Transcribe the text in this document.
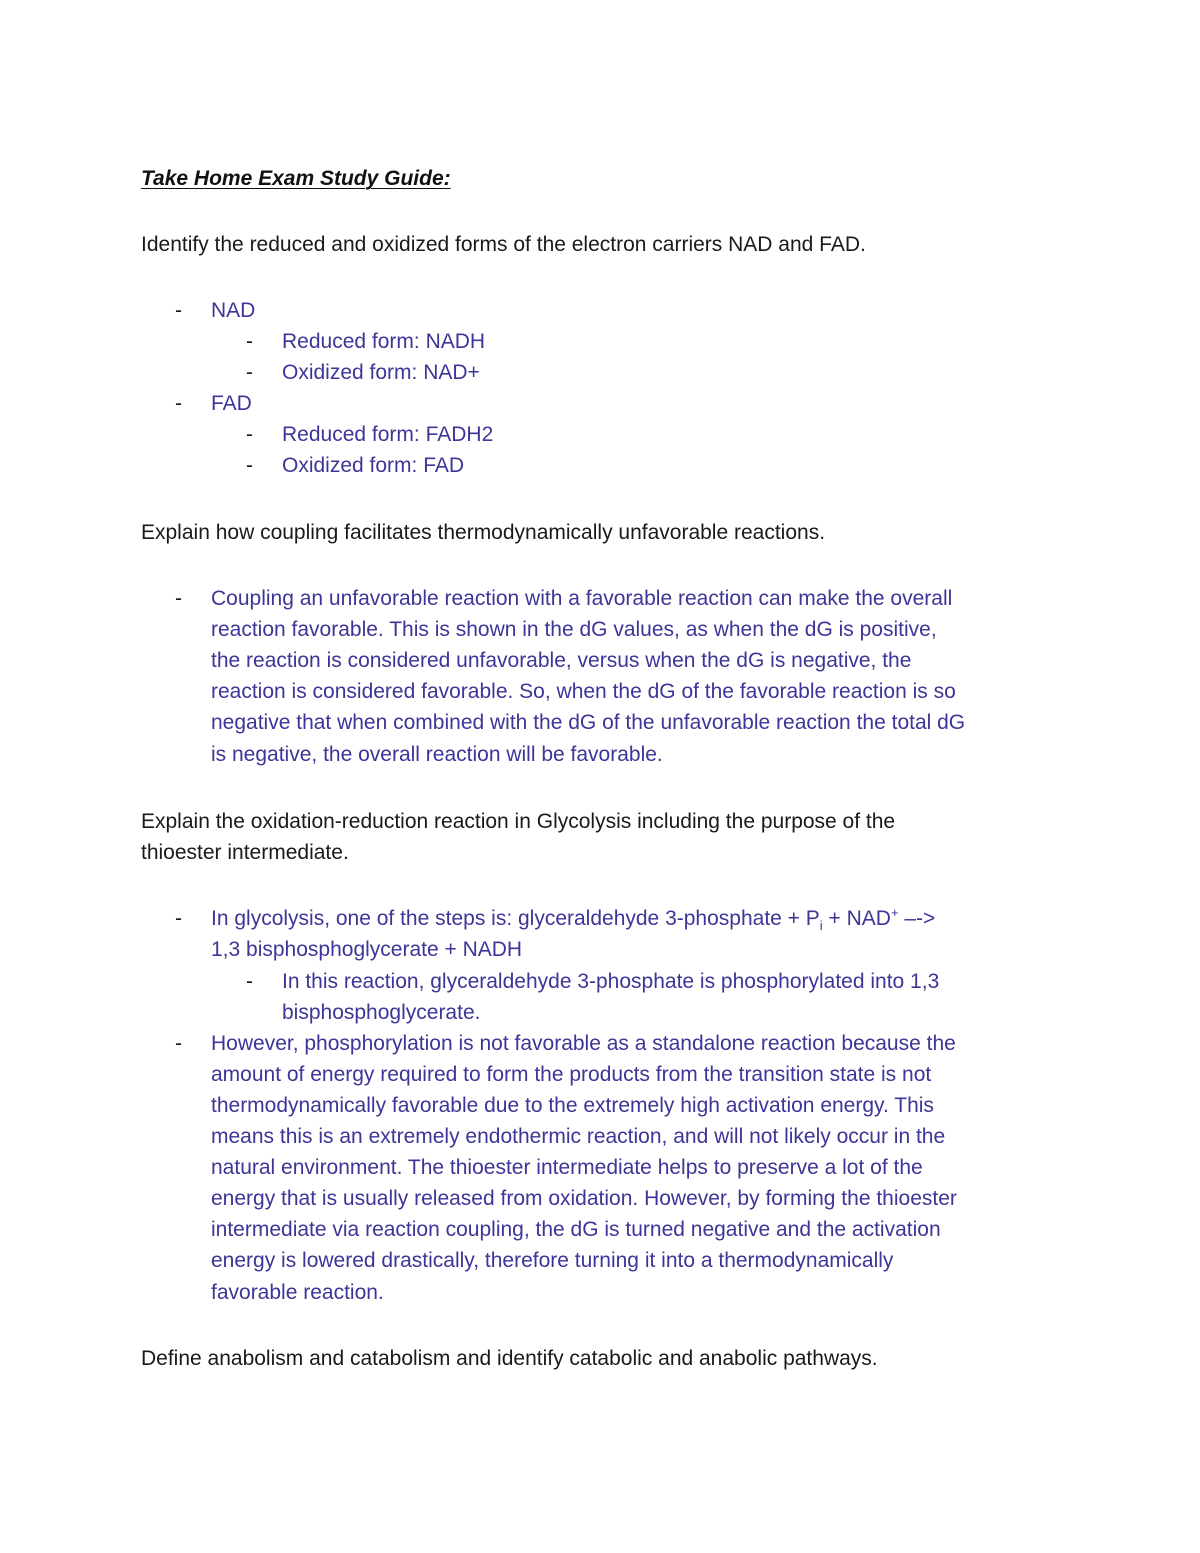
Take Home Exam Study Guide:

Identify the reduced and oxidized forms of the electron carriers NAD and FAD.

- NAD

- Reduced form: NADH

- Oxidized form: NAD+

- FAD

- Reduced form: FADH2

- Oxidized form: FAD

Explain how coupling facilitates thermodynamically unfavorable reactions.

- Coupling an unfavorable reaction with a favorable reaction can make the overall

reaction favorable. This is shown in the dG values, as when the dG is positive,

the reaction is considered unfavorable, versus when the dG is negative, the

reaction is considered favorable. So, when the dG of the favorable reaction is so

negative that when combined with the dG of the unfavorable reaction the total dG

is negative, the overall reaction will be favorable.

Explain the oxidation-reduction reaction in Glycolysis including the purpose of the

thioester intermediate.

- In glycolysis, one of the steps is: glyceraldehyde 3-phosphate + $P_i + NAD^+$ –->

1,3 bisphosphoglycerate + NADH

- In this reaction, glyceraldehyde 3-phosphate is phosphorylated into 1,3

bisphosphoglycerate.

- However, phosphorylation is not favorable as a standalone reaction because the

amount of energy required to form the products from the transition state is not

thermodynamically favorable due to the extremely high activation energy. This

means this is an extremely endothermic reaction, and will not likely occur in the

natural environment. The thioester intermediate helps to preserve a lot of the

energy that is usually released from oxidation. However, by forming the thioester

intermediate via reaction coupling, the dG is turned negative and the activation

energy is lowered drastically, therefore turning it into a thermodynamically

favorable reaction.

Define anabolism and catabolism and identify catabolic and anabolic pathways.
